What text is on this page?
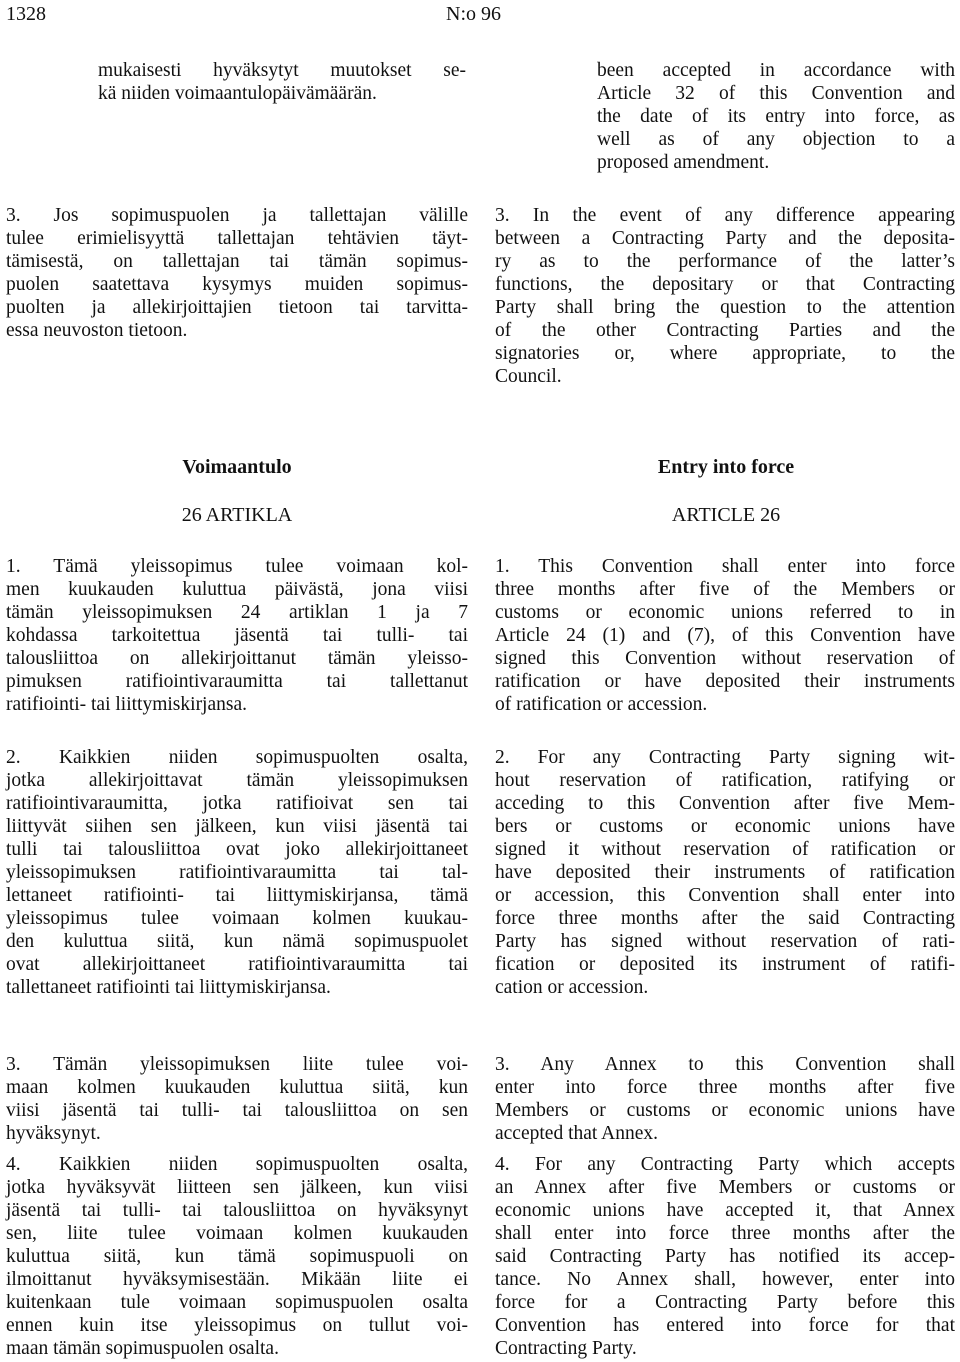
1328	N:o 96

mukaisesti hyväksytyt muutokset se-

kä niiden voimaantulopäivämäärän.

3. Jos sopimuspuolen ja tallettajan välille

tulee erimielisyyttä tallettajan tehtävien täyt-

tämisestä, on tallettajan tai tämän sopimus-

puolen saatettava kysymys muiden sopimus-

puolten ja allekirjoittajien tietoon tai tarvitta-

essa neuvoston tietoon.

Voimaantulo
26 ARTIKLA

1. Tämä yleissopimus tulee voimaan kol-

men kuukauden kuluttua päivästä, jona viisi

tämän yleissopimuksen 24 artiklan 1 ja 7

kohdassa tarkoitettua jäsentä tai tulli- tai

talousliittoa on allekirjoittanut tämän yleisso-

pimuksen ratifiointivaraumitta tai tallettanut

ratifiointi- tai liittymiskirjansa.

2. Kaikkien niiden sopimuspuolten osalta,

jotka allekirjoittavat tämän yleissopimuksen

ratifiointivaraumitta, jotka ratifioivat sen tai

liittyvät siihen sen jälkeen, kun viisi jäsentä tai

tulli tai talousliittoa ovat joko allekirjoittaneet

yleissopimuksen ratifiointivaraumitta tai tal-

lettaneet ratifiointi- tai liittymiskirjansa, tämä

yleissopimus tulee voimaan kolmen kuukau-

den kuluttua siitä, kun nämä sopimuspuolet

ovat allekirjoittaneet ratifiointivaraumitta tai

tallettaneet ratifiointi tai liittymiskirjansa.

3. Tämän yleissopimuksen liite tulee voi-

maan kolmen kuukauden kuluttua siitä, kun

viisi jäsentä tai tulli- tai talousliittoa on sen

hyväksynyt.

4. Kaikkien niiden sopimuspuolten osalta,

jotka hyväksyvät liitteen sen jälkeen, kun viisi

jäsentä tai tulli- tai talousliittoa on hyväksynyt

sen, liite tulee voimaan kolmen kuukauden

kuluttua siitä, kun tämä sopimuspuoli on

ilmoittanut hyväksymisestään. Mikään liite ei

kuitenkaan tule voimaan sopimuspuolen osalta

ennen kuin itse yleissopimus on tullut voi-

maan tämän sopimuspuolen osalta.

been accepted in accordance with

Article 32 of this Convention and

the date of its entry into force, as

well as of any objection to a

proposed amendment.

3. In the event of any difference appearing

between a Contracting Party and the deposita-

ry as to the performance of the latter’s

functions, the depositary or that Contracting

Party shall bring the question to the attention

of the other Contracting Parties and the

signatories or, where appropriate, to the

Council.

Entry into force
ARTICLE 26

1. This Convention shall enter into force

three months after five of the Members or

customs or economic unions referred to in

Article 24 (1) and (7), of this Convention have

signed this Convention without reservation of

ratification or have deposited their instruments

of ratification or accession.

2. For any Contracting Party signing wit-

hout reservation of ratification, ratifying or

acceding to this Convention after five Mem-

bers or customs or economic unions have

signed it without reservation of ratification or

have deposited their instruments of ratification

or accession, this Convention shall enter into

force three months after the said Contracting

Party has signed without reservation of rati-

fication or deposited its instrument of ratifi-

cation or accession.

3. Any Annex to this Convention shall

enter into force three months after five

Members or customs or economic unions have

accepted that Annex.

4. For any Contracting Party which accepts

an Annex after five Members or customs or

economic unions have accepted it, that Annex

shall enter into force three months after the

said Contracting Party has notified its accep-

tance. No Annex shall, however, enter into

force for a Contracting Party before this

Convention has entered into force for that

Contracting Party.
